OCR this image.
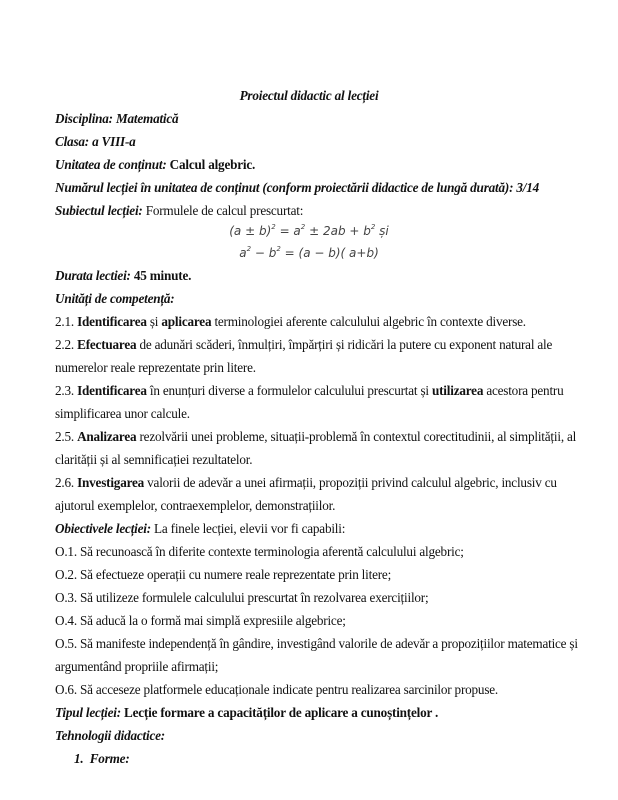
Proiectul didactic al lecției
Disciplina: Matematică
Clasa: a VIII-a
Unitatea de conținut: Calcul algebric.
Numărul lecției în unitatea de conținut (conform proiectării didactice de lungă durată): 3/14
Subiectul lecției: Formulele de calcul prescurtat:
$(a \pm b)^2 = a^2 \pm 2ab + b^2$ și
$a^2 - b^2 = (a - b)$( a+b)
Durata lectiei: 45 minute.
Unități de competență:
2.1. Identificarea și aplicarea terminologiei aferente calculului algebric în contexte diverse.
2.2. Efectuarea de adunări scăderi, înmulțiri, împărțiri și ridicări la putere cu exponent natural ale
numerelor reale reprezentate prin litere.
2.3. Identificarea în enunțuri diverse a formulelor calculului prescurtat și utilizarea acestora pentru
simplificarea unor calcule.
2.5. Analizarea rezolvării unei probleme, situații-problemă în contextul corectitudinii, al simplității, al
clarității și al semnificației rezultatelor.
2.6. Investigarea valorii de adevăr a unei afirmații, propoziții privind calculul algebric, inclusiv cu
ajutorul exemplelor, contraexemplelor, demonstrațiilor.
Obiectivele lecției: La finele lecției, elevii vor fi capabili:
O.1. Să recunoască în diferite contexte terminologia aferentă calculului algebric;
O.2. Să efectueze operații cu numere reale reprezentate prin litere;
O.3. Să utilizeze formulele calculului prescurtat în rezolvarea exercițiilor;
O.4. Să aducă la o formă mai simplă expresiile algebrice;
O.5. Să manifeste independență în gândire, investigând valorile de adevăr a propozițiilor matematice și
argumentând propriile afirmații;
O.6. Să acceseze platformele educaționale indicate pentru realizarea sarcinilor propuse.
Tipul lecției: Lecție formare a capacităților de aplicare a cunoștințelor .
Tehnologii didactice:
1. Forme:
